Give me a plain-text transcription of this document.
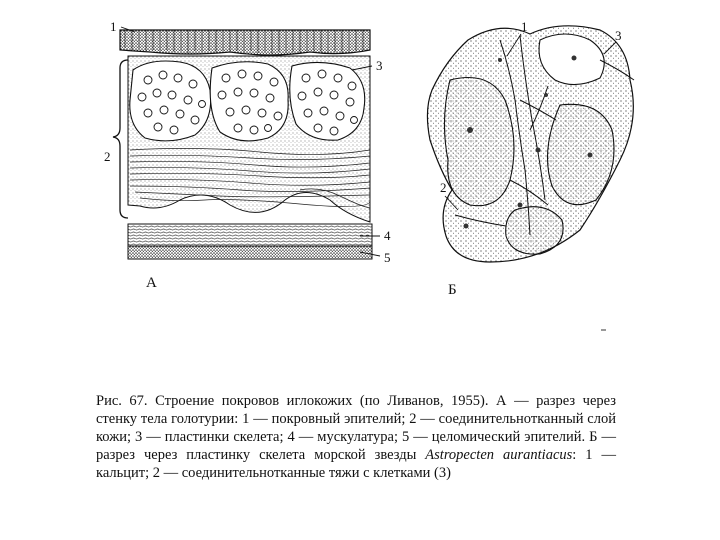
1
2
3
4
5
А
1
2
3
Б

Рис. 67. Строение покровов иглокожих (по Ливанов, 1955). А — разрез через стенку тела голотурии: 1 — покровный эпителий; 2 — соединительнотканный слой кожи; 3 — пластинки скелета; 4 — мускулатура; 5 — целомический эпителий. Б — разрез через пластинку скелета морской звезды Astropecten aurantiacus: 1 — кальцит; 2 — соединительнотканные тяжи с клетками (3)
